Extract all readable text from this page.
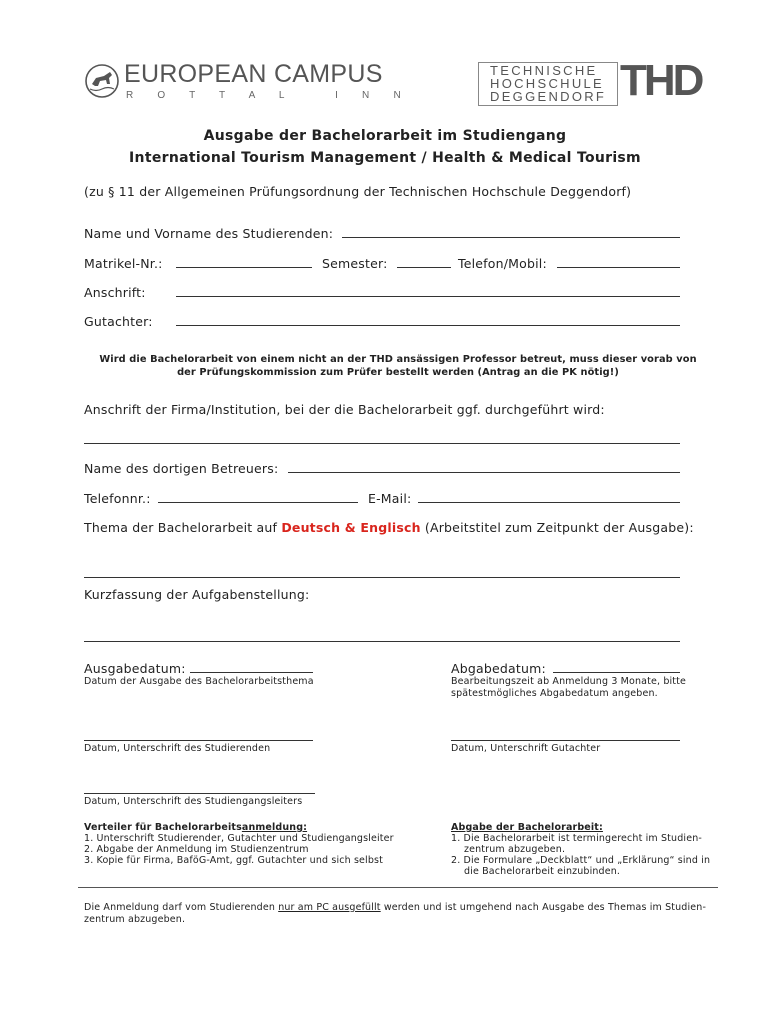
EUROPEAN CAMPUS
R  O  T  T  A  L     I  N  N
TECHNISCHE
HOCHSCHULE
DEGGENDORF THD
Ausgabe der Bachelorarbeit im Studiengang
International Tourism Management / Health & Medical Tourism
(zu § 11 der Allgemeinen Prüfungsordnung der Technischen Hochschule Deggendorf)
Name und Vorname des Studierenden:
Matrikel-Nr.:	Semester:	Telefon/Mobil:
Anschrift:
Gutachter:
Wird die Bachelorarbeit von einem nicht an der THD ansässigen Professor betreut, muss dieser vorab von
der Prüfungskommission zum Prüfer bestellt werden (Antrag an die PK nötig!)
Anschrift der Firma/Institution, bei der die Bachelorarbeit ggf. durchgeführt wird:
Name des dortigen Betreuers:
Telefonnr.:	E-Mail:
Thema der Bachelorarbeit auf Deutsch & Englisch (Arbeitstitel zum Zeitpunkt der Ausgabe):
Kurzfassung der Aufgabenstellung:
Ausgabedatum:
Datum der Ausgabe des Bachelorarbeitsthema
Abgabedatum:
Bearbeitungszeit ab Anmeldung 3 Monate, bitte
spätestmögliches Abgabedatum angeben.
Datum, Unterschrift des Studierenden	Datum, Unterschrift Gutachter
Datum, Unterschrift des Studiengangsleiters
Verteiler für Bachelorarbeitsanmeldung:
1. Unterschrift Studierender, Gutachter und Studiengangsleiter
2. Abgabe der Anmeldung im Studienzentrum
3. Kopie für Firma, BaföG-Amt, ggf. Gutachter und sich selbst
Abgabe der Bachelorarbeit:
1. Die Bachelorarbeit ist termingerecht im Studien-
zentrum abzugeben.
2. Die Formulare „Deckblatt“ und „Erklärung“ sind in
die Bachelorarbeit einzubinden.
Die Anmeldung darf vom Studierenden nur am PC ausgefüllt werden und ist umgehend nach Ausgabe des Themas im Studien-
zentrum abzugeben.
